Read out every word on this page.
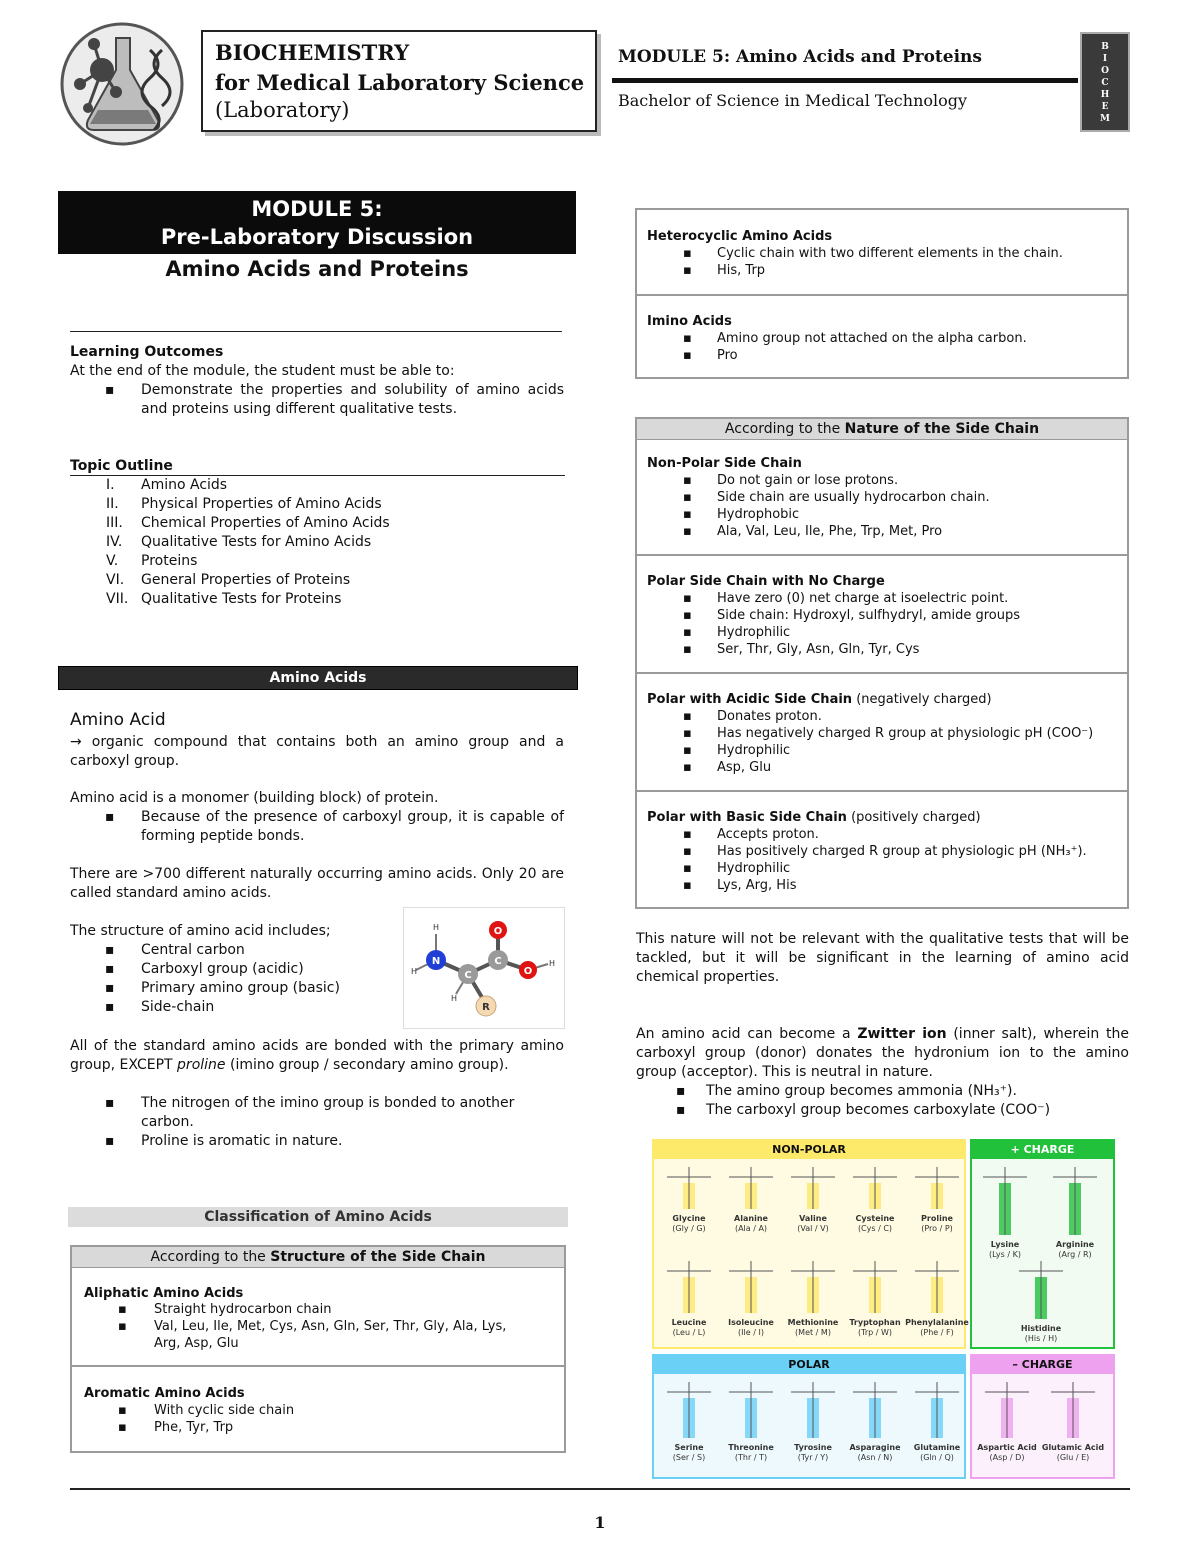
BIOCHEMISTRY
for Medical Laboratory Science
(Laboratory)
MODULE 5: Amino Acids and Proteins
Bachelor of Science in Medical Technology
B
I
O
C
H
E
M
MODULE 5:
Pre-Laboratory Discussion
Amino Acids and Proteins
Learning Outcomes
At the end of the module, the student must be able to:
▪ Demonstrate the properties and solubility of amino acids and proteins using different qualitative tests.
Topic Outline
I. Amino Acids
II. Physical Properties of Amino Acids
III. Chemical Properties of Amino Acids
IV. Qualitative Tests for Amino Acids
V. Proteins
VI. General Properties of Proteins
VII. Qualitative Tests for Proteins
Amino Acids
Amino Acid
→ organic compound that contains both an amino group and a carboxyl group.
Amino acid is a monomer (building block) of protein.
▪ Because of the presence of carboxyl group, it is capable of forming peptide bonds.
There are >700 different naturally occurring amino acids. Only 20 are called standard amino acids.
The structure of amino acid includes;
▪ Central carbon
▪ Carboxyl group (acidic)
▪ Primary amino group (basic)
▪ Side-chain
N
C
C
O
O
R
H
H
H
H
All of the standard amino acids are bonded with the primary amino group, EXCEPT proline (imino group / secondary amino group).
▪ The nitrogen of the imino group is bonded to another carbon.
▪ Proline is aromatic in nature.
Classification of Amino Acids
According to the Structure of the Side Chain
Aliphatic Amino Acids
▪ Straight hydrocarbon chain
▪ Val, Leu, Ile, Met, Cys, Asn, Gln, Ser, Thr, Gly, Ala, Lys,
Arg, Asp, Glu
Aromatic Amino Acids
▪ With cyclic side chain
▪ Phe, Tyr, Trp
Heterocyclic Amino Acids
▪ Cyclic chain with two different elements in the chain.
▪ His, Trp
Imino Acids
▪ Amino group not attached on the alpha carbon.
▪ Pro
According to the Nature of the Side Chain
Non-Polar Side Chain
▪ Do not gain or lose protons.
▪ Side chain are usually hydrocarbon chain.
▪ Hydrophobic
▪ Ala, Val, Leu, Ile, Phe, Trp, Met, Pro
Polar Side Chain with No Charge
▪ Have zero (0) net charge at isoelectric point.
▪ Side chain: Hydroxyl, sulfhydryl, amide groups
▪ Hydrophilic
▪ Ser, Thr, Gly, Asn, Gln, Tyr, Cys
Polar with Acidic Side Chain (negatively charged)
▪ Donates proton.
▪ Has negatively charged R group at physiologic pH (COO⁻)
▪ Hydrophilic
▪ Asp, Glu
Polar with Basic Side Chain (positively charged)
▪ Accepts proton.
▪ Has positively charged R group at physiologic pH (NH₃⁺).
▪ Hydrophilic
▪ Lys, Arg, His
This nature will not be relevant with the qualitative tests that will be tackled, but it will be significant in the learning of amino acid chemical properties.
An amino acid can become a Zwitter ion (inner salt), wherein the carboxyl group (donor) donates the hydronium ion to the amino group (acceptor). This is neutral in nature.
▪ The amino group becomes ammonia (NH₃⁺).
▪ The carboxyl group becomes carboxylate (COO⁻)
NON-POLAR
Glycine
(Gly / G)
Alanine
(Ala / A)
Valine
(Val / V)
Cysteine
(Cys / C)
Proline
(Pro / P)
Leucine
(Leu / L)
Isoleucine
(Ile / I)
Methionine
(Met / M)
Tryptophan
(Trp / W)
Phenylalanine
(Phe / F)
+ CHARGE
Lysine
(Lys / K)
Arginine
(Arg / R)
Histidine
(His / H)
POLAR
Serine
(Ser / S)
Threonine
(Thr / T)
Tyrosine
(Tyr / Y)
Asparagine
(Asn / N)
Glutamine
(Gln / Q)
– CHARGE
Aspartic Acid
(Asp / D)
Glutamic Acid
(Glu / E)
1
